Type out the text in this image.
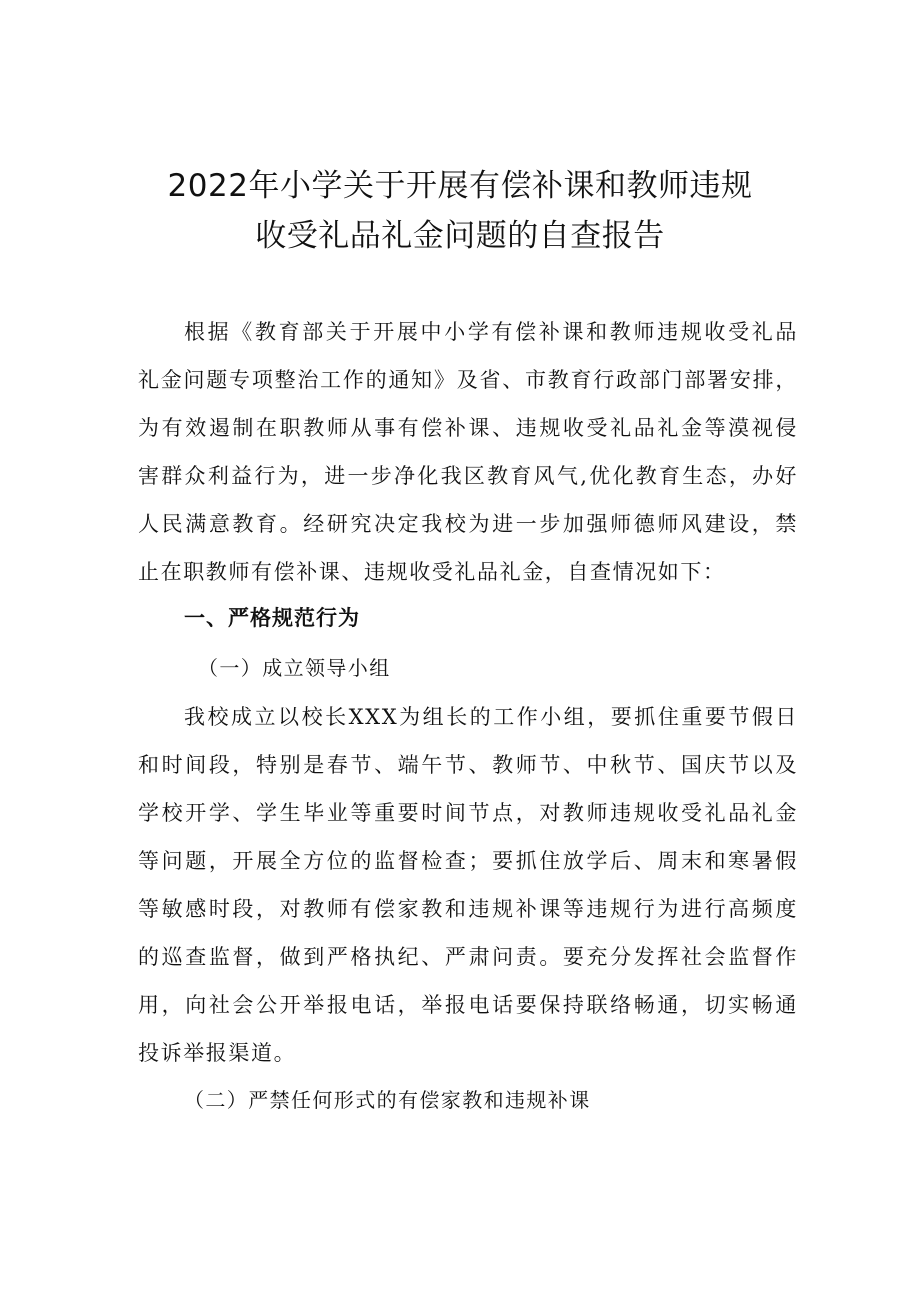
2022年小学关于开展有偿补课和教师违规
收受礼品礼金问题的自查报告
根据《教育部关于开展中小学有偿补课和教师违规收受礼品
礼金问题专项整治工作的通知》及省、市教育行政部门部署安排，
为有效遏制在职教师从事有偿补课、违规收受礼品礼金等漠视侵
害群众利益行为，进一步净化我区教育风气,优化教育生态，办好
人民满意教育。经研究决定我校为进一步加强师德师风建设，禁
止在职教师有偿补课、违规收受礼品礼金，自查情况如下：
一、严格规范行为
（一）成立领导小组
我校成立以校长XXX为组长的工作小组，要抓住重要节假日
和时间段，特别是春节、端午节、教师节、中秋节、国庆节以及
学校开学、学生毕业等重要时间节点，对教师违规收受礼品礼金
等问题，开展全方位的监督检查；要抓住放学后、周末和寒暑假
等敏感时段，对教师有偿家教和违规补课等违规行为进行高频度
的巡查监督，做到严格执纪、严肃问责。要充分发挥社会监督作
用，向社会公开举报电话，举报电话要保持联络畅通，切实畅通
投诉举报渠道。
（二）严禁任何形式的有偿家教和违规补课
